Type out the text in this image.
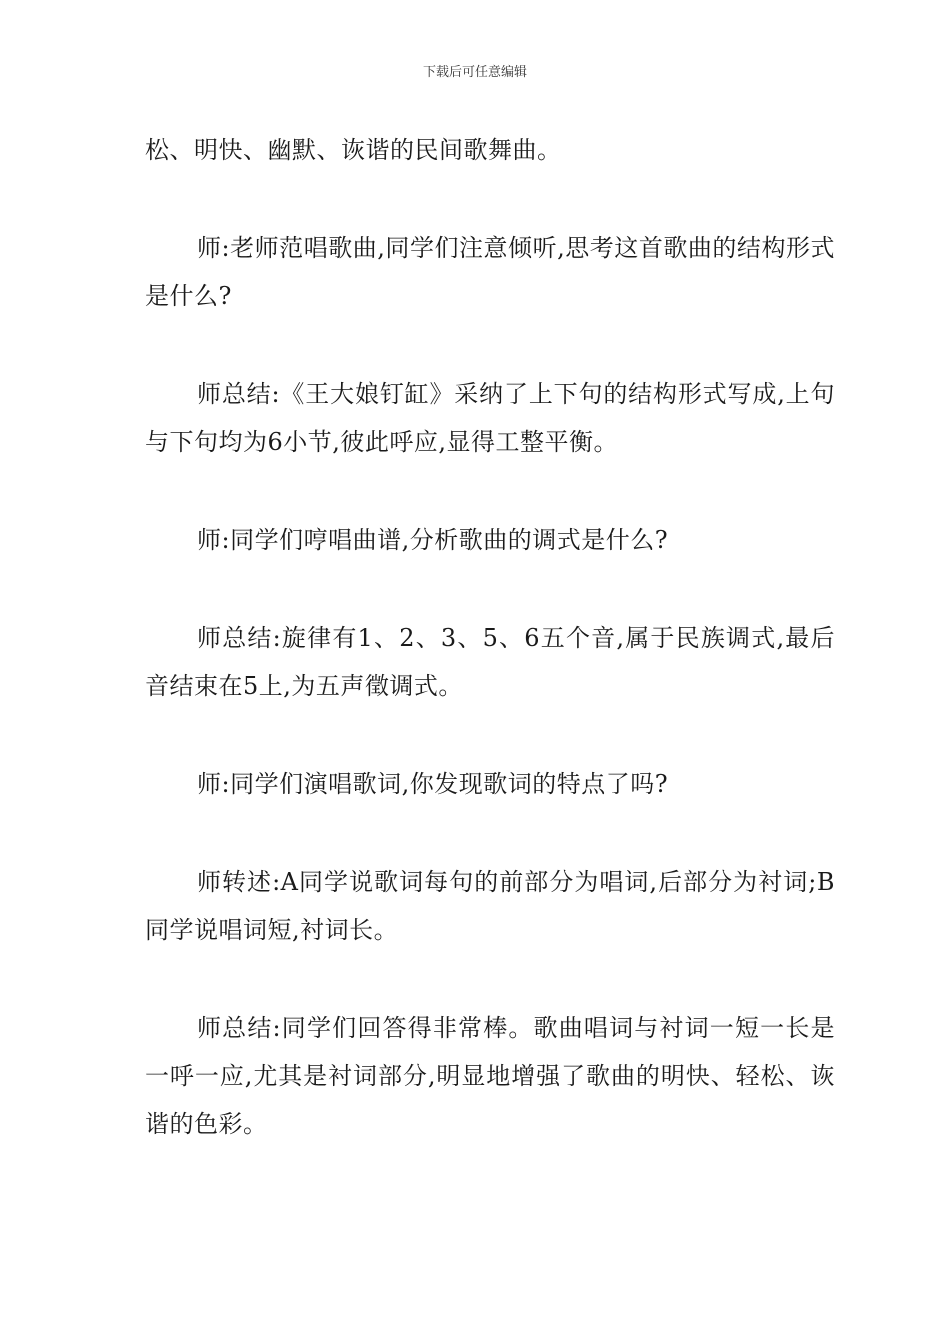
下载后可任意编辑

松、明快、幽默、诙谐的民间歌舞曲。

师:老师范唱歌曲,同学们注意倾听,思考这首歌曲的结构形式是什么?

师总结:《王大娘钉缸》采纳了上下句的结构形式写成,上句与下句均为6小节,彼此呼应,显得工整平衡。

师:同学们哼唱曲谱,分析歌曲的调式是什么?

师总结:旋律有1、2、3、5、6五个音,属于民族调式,最后音结束在5上,为五声徵调式。

师:同学们演唱歌词,你发现歌词的特点了吗?

师转述:A同学说歌词每句的前部分为唱词,后部分为衬词;B同学说唱词短,衬词长。

师总结:同学们回答得非常棒。歌曲唱词与衬词一短一长是一呼一应,尤其是衬词部分,明显地增强了歌曲的明快、轻松、诙谐的色彩。
